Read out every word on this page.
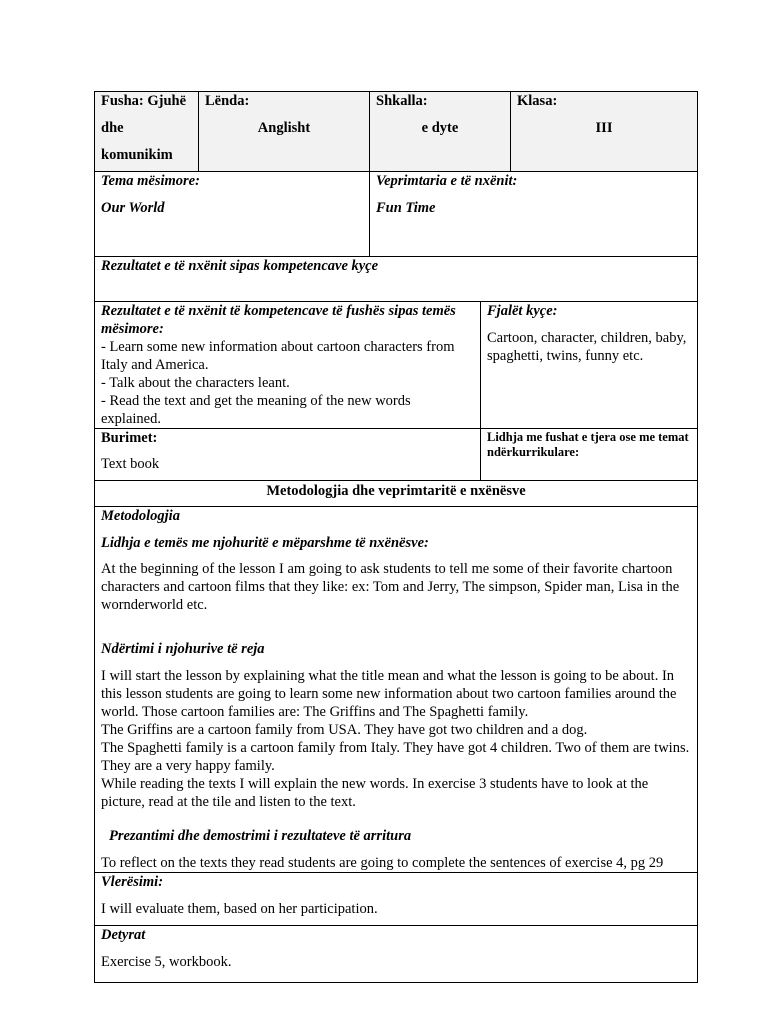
Fusha: Gjuhë
dhe
komunikim
Lënda:
Anglisht
Shkalla:
e dyte
Klasa:
III
Tema mësimore:
Our World
Veprimtaria e të nxënit:
Fun Time
Rezultatet e të nxënit sipas kompetencave kyçe

Rezultatet e të nxënit të kompetencave të fushës sipas temës mësimore:

- Learn some new information about cartoon characters from Italy and America.

- Talk about the characters leant.

- Read the text and get the meaning of the new words explained.

Fjalët kyçe:
Cartoon, character, children, baby, spaghetti, twins, funny etc.
Burimet:
Text book
Lidhja me fushat e tjera ose me temat ndërkurrikulare:
Metodologjia dhe veprimtaritë e nxënësve
Metodologjia
Lidhja e temës me njohuritë e mëparshme të nxënësve:
At the beginning of the lesson I am going to ask students to tell me some of their favorite chartoon characters and cartoon films that they like: ex: Tom and Jerry, The simpson, Spider man, Lisa in the wornderworld etc.
Ndërtimi i njohurive të reja

I will start the lesson by explaining what the title mean and what the lesson is going to be about. In this lesson students are going to learn some new information about two cartoon families around the world. Those cartoon families are: The Griffins and The Spaghetti family.

The Griffins are a cartoon family from USA. They have got two children and a dog.

The Spaghetti family is a cartoon family from Italy. They have got 4 children. Two of them are twins. They are a very happy family.

While reading the texts I will explain the new words. In exercise 3 students have to look at the picture, read at the tile and listen to the text.

Prezantimi dhe demostrimi i rezultateve të arritura
To reflect on the texts they read students are going to complete the sentences of exercise 4, pg 29
Vlerësimi:
I will evaluate them, based on her participation.
Detyrat
Exercise 5, workbook.
